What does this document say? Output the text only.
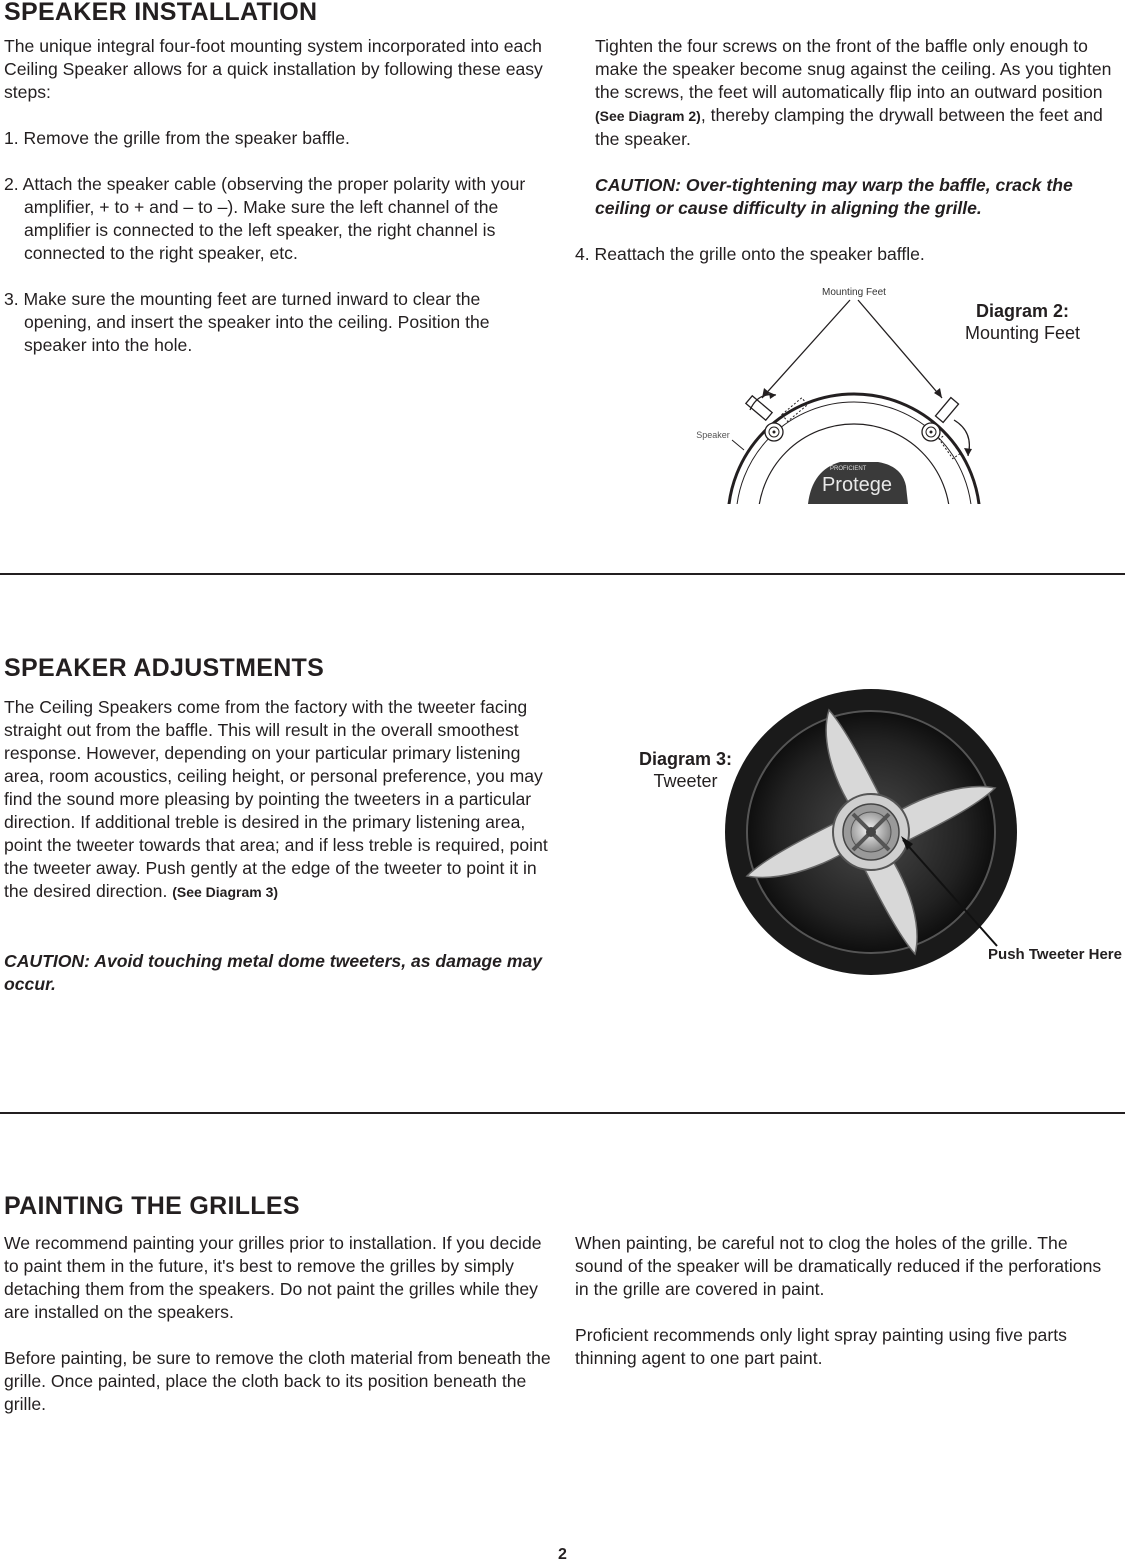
SPEAKER INSTALLATION

The unique integral four-foot mounting system incorporated into each Ceiling Speaker allows for a quick installation by following these easy steps:

1. Remove the grille from the speaker baffle.

2. Attach the speaker cable (observing the proper polarity with your amplifier, + to + and – to –). Make sure the left channel of the amplifier is connected to the left speaker, the right channel is connected to the right speaker, etc.

3. Make sure the mounting feet are turned inward to clear the opening, and insert the speaker into the ceiling. Position the speaker into the hole.

Tighten the four screws on the front of the baffle only enough to make the speaker become snug against the ceiling. As you tighten the screws, the feet will automatically flip into an outward position (See Diagram 2), thereby clamping the drywall between the feet and the speaker.

CAUTION: Over-tightening may warp the baffle, crack the ceiling or cause difficulty in aligning the grille.

4. Reattach the grille onto the speaker baffle.

Diagram 2:
Mounting Feet
Mounting Feet
Speaker
PROFICIENT
Protege
SPEAKER ADJUSTMENTS

The Ceiling Speakers come from the factory with the tweeter facing straight out from the baffle. This will result in the overall smoothest response. However, depending on your particular primary listening area, room acoustics, ceiling height, or personal preference, you may find the sound more pleasing by pointing the tweeters in a particular direction. If additional treble is desired in the primary listening area, point the tweeter towards that area; and if less treble is required, point the tweeter away. Push gently at the edge of the tweeter to point it in the desired direction. (See Diagram 3)

CAUTION: Avoid touching metal dome tweeters, as damage may occur.

Diagram 3:
Tweeter
Push Tweeter Here
PAINTING THE GRILLES

We recommend painting your grilles prior to installation. If you decide to paint them in the future, it's best to remove the grilles by simply detaching them from the speakers. Do not paint the grilles while they are installed on the speakers.

Before painting, be sure to remove the cloth material from beneath the grille. Once painted, place the cloth back to its position beneath the grille.

When painting, be careful not to clog the holes of the grille. The sound of the speaker will be dramatically reduced if the perforations in the grille are covered in paint.

Proficient recommends only light spray painting using five parts thinning agent to one part paint.

2
